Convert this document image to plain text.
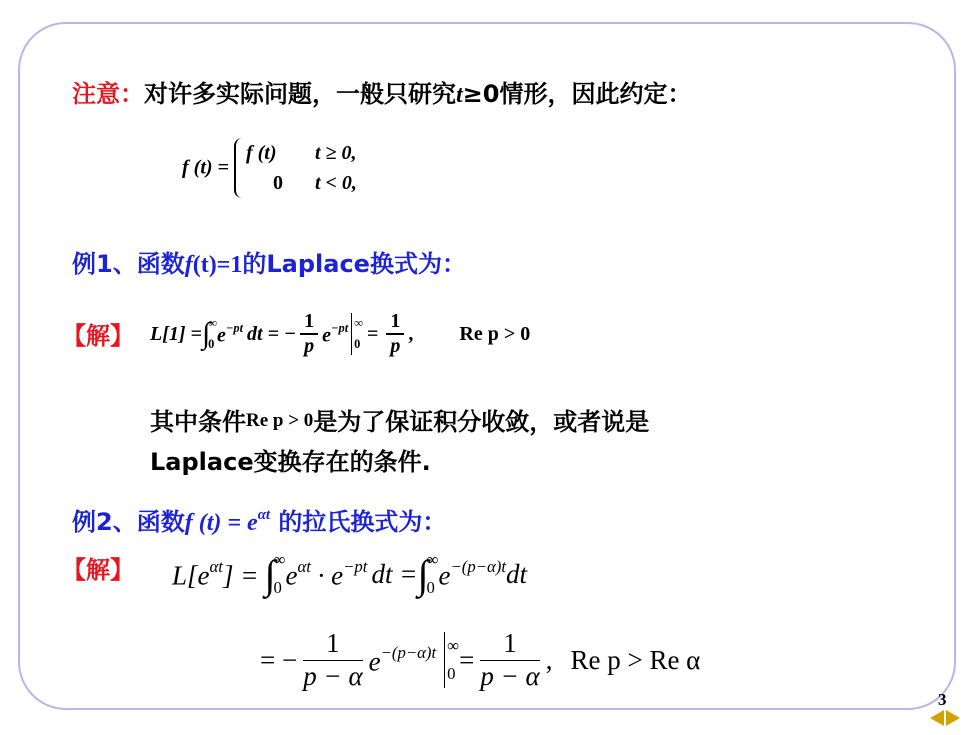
注意：对许多实际问题，一般只研究t≥0情形，因此约定：
f (t) =
f (t) t ≥ 0,
0 t < 0,
例1、函数f(t)=1的Laplace换式为：
【解】 L[1] = ∫
∞
0 $e^{-pt}$ dt = − $\frac{1}{p} e^{-pt}$ ∞
$0 = \frac{1}{p}$ , Re p > 0
其中条件Re p > 0是为了保证积分收敛，或者说是
Laplace变换存在的条件.
例2、函数f $(t) = e^{\alpha t}$ 的拉氏换式为：
【解】 $L[e^{\alpha t}]$ = ∫
∞
0 $e^{\alpha t} \cdot e^{-pt}$ dt = ∫
∞
0 $e^{-(p-\alpha)t}$ dt
= − $\frac{1}{p - \alpha} e^{-(p-\alpha)t}$ ∞
$0 = \frac{1}{p - \alpha}$ , Re p > Re α
3
